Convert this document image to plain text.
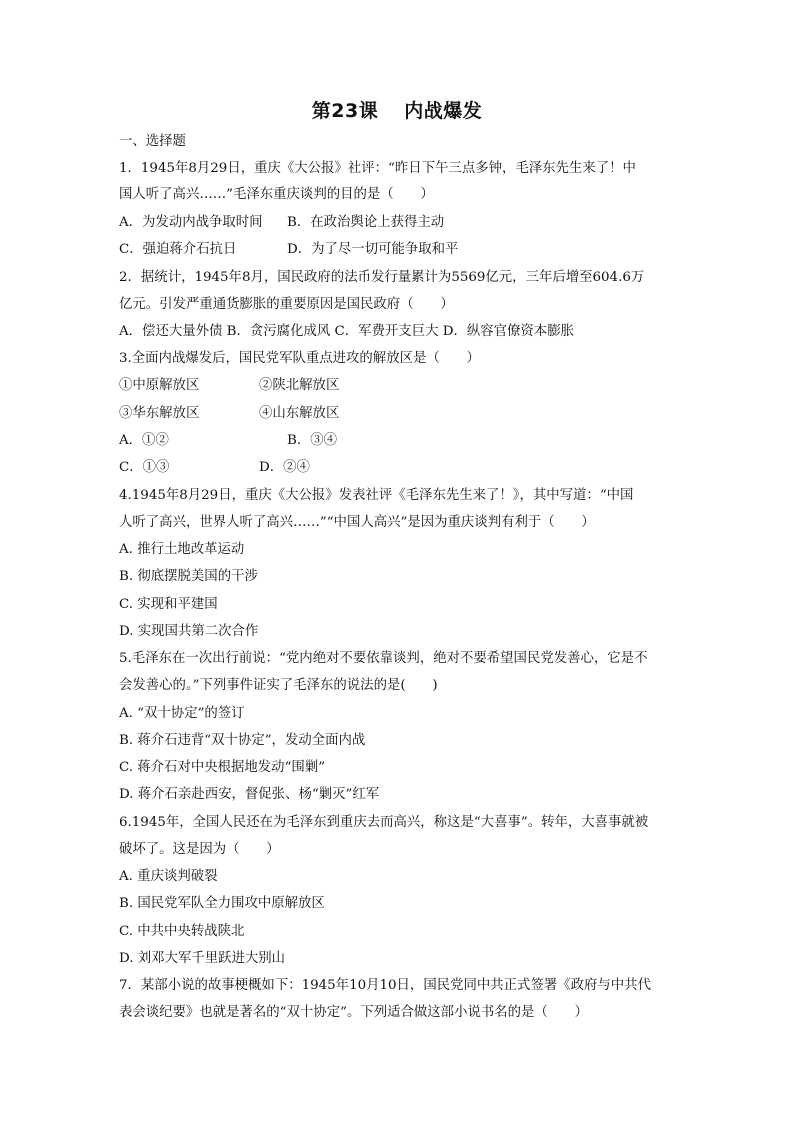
第23课 内战爆发
一、选择题
1．1945年8月29日，重庆《大公报》社评：“昨日下午三点多钟，毛泽东先生来了！中
国人听了高兴……”毛泽东重庆谈判的目的是（　　）
A．为发动内战争取时间 B．在政治舆论上获得主动
C．强迫蒋介石抗日	D．为了尽一切可能争取和平
2．据统计，1945年8月，国民政府的法币发行量累计为5569亿元，三年后增至604.6万
亿元。引发严重通货膨胀的重要原因是国民政府（　　）
A．偿还大量外债 B．贪污腐化成风 C．军费开支巨大 D．纵容官僚资本膨胀
3.全面内战爆发后，国民党军队重点进攻的解放区是（　　）
①中原解放区	②陕北解放区
③华东解放区	④山东解放区
A．①②	B．③④
C．①③	D．②④
4.1945年8月29日，重庆《大公报》发表社评《毛泽东先生来了！》，其中写道：“中国
人听了高兴，世界人听了高兴……”“中国人高兴”是因为重庆谈判有利于（　　）
A. 推行土地改革运动
B. 彻底摆脱美国的干涉
C. 实现和平建国
D. 实现国共第二次合作
5.毛泽东在一次出行前说：“党内绝对不要依靠谈判，绝对不要希望国民党发善心，它是不
会发善心的。”下列事件证实了毛泽东的说法的是(　　)
A. “双十协定”的签订
B. 蒋介石违背“双十协定”，发动全面内战
C. 蒋介石对中央根据地发动“围剿”
D. 蒋介石亲赴西安，督促张、杨“剿灭”红军
6.1945年，全国人民还在为毛泽东到重庆去而高兴，称这是“大喜事”。转年，大喜事就被
破坏了。这是因为（　　）
A. 重庆谈判破裂
B. 国民党军队全力围攻中原解放区
C. 中共中央转战陕北
D. 刘邓大军千里跃进大别山
7．某部小说的故事梗概如下：1945年10月10日，国民党同中共正式签署《政府与中共代
表会谈纪要》也就是著名的“双十协定”。下列适合做这部小说书名的是（　　）
